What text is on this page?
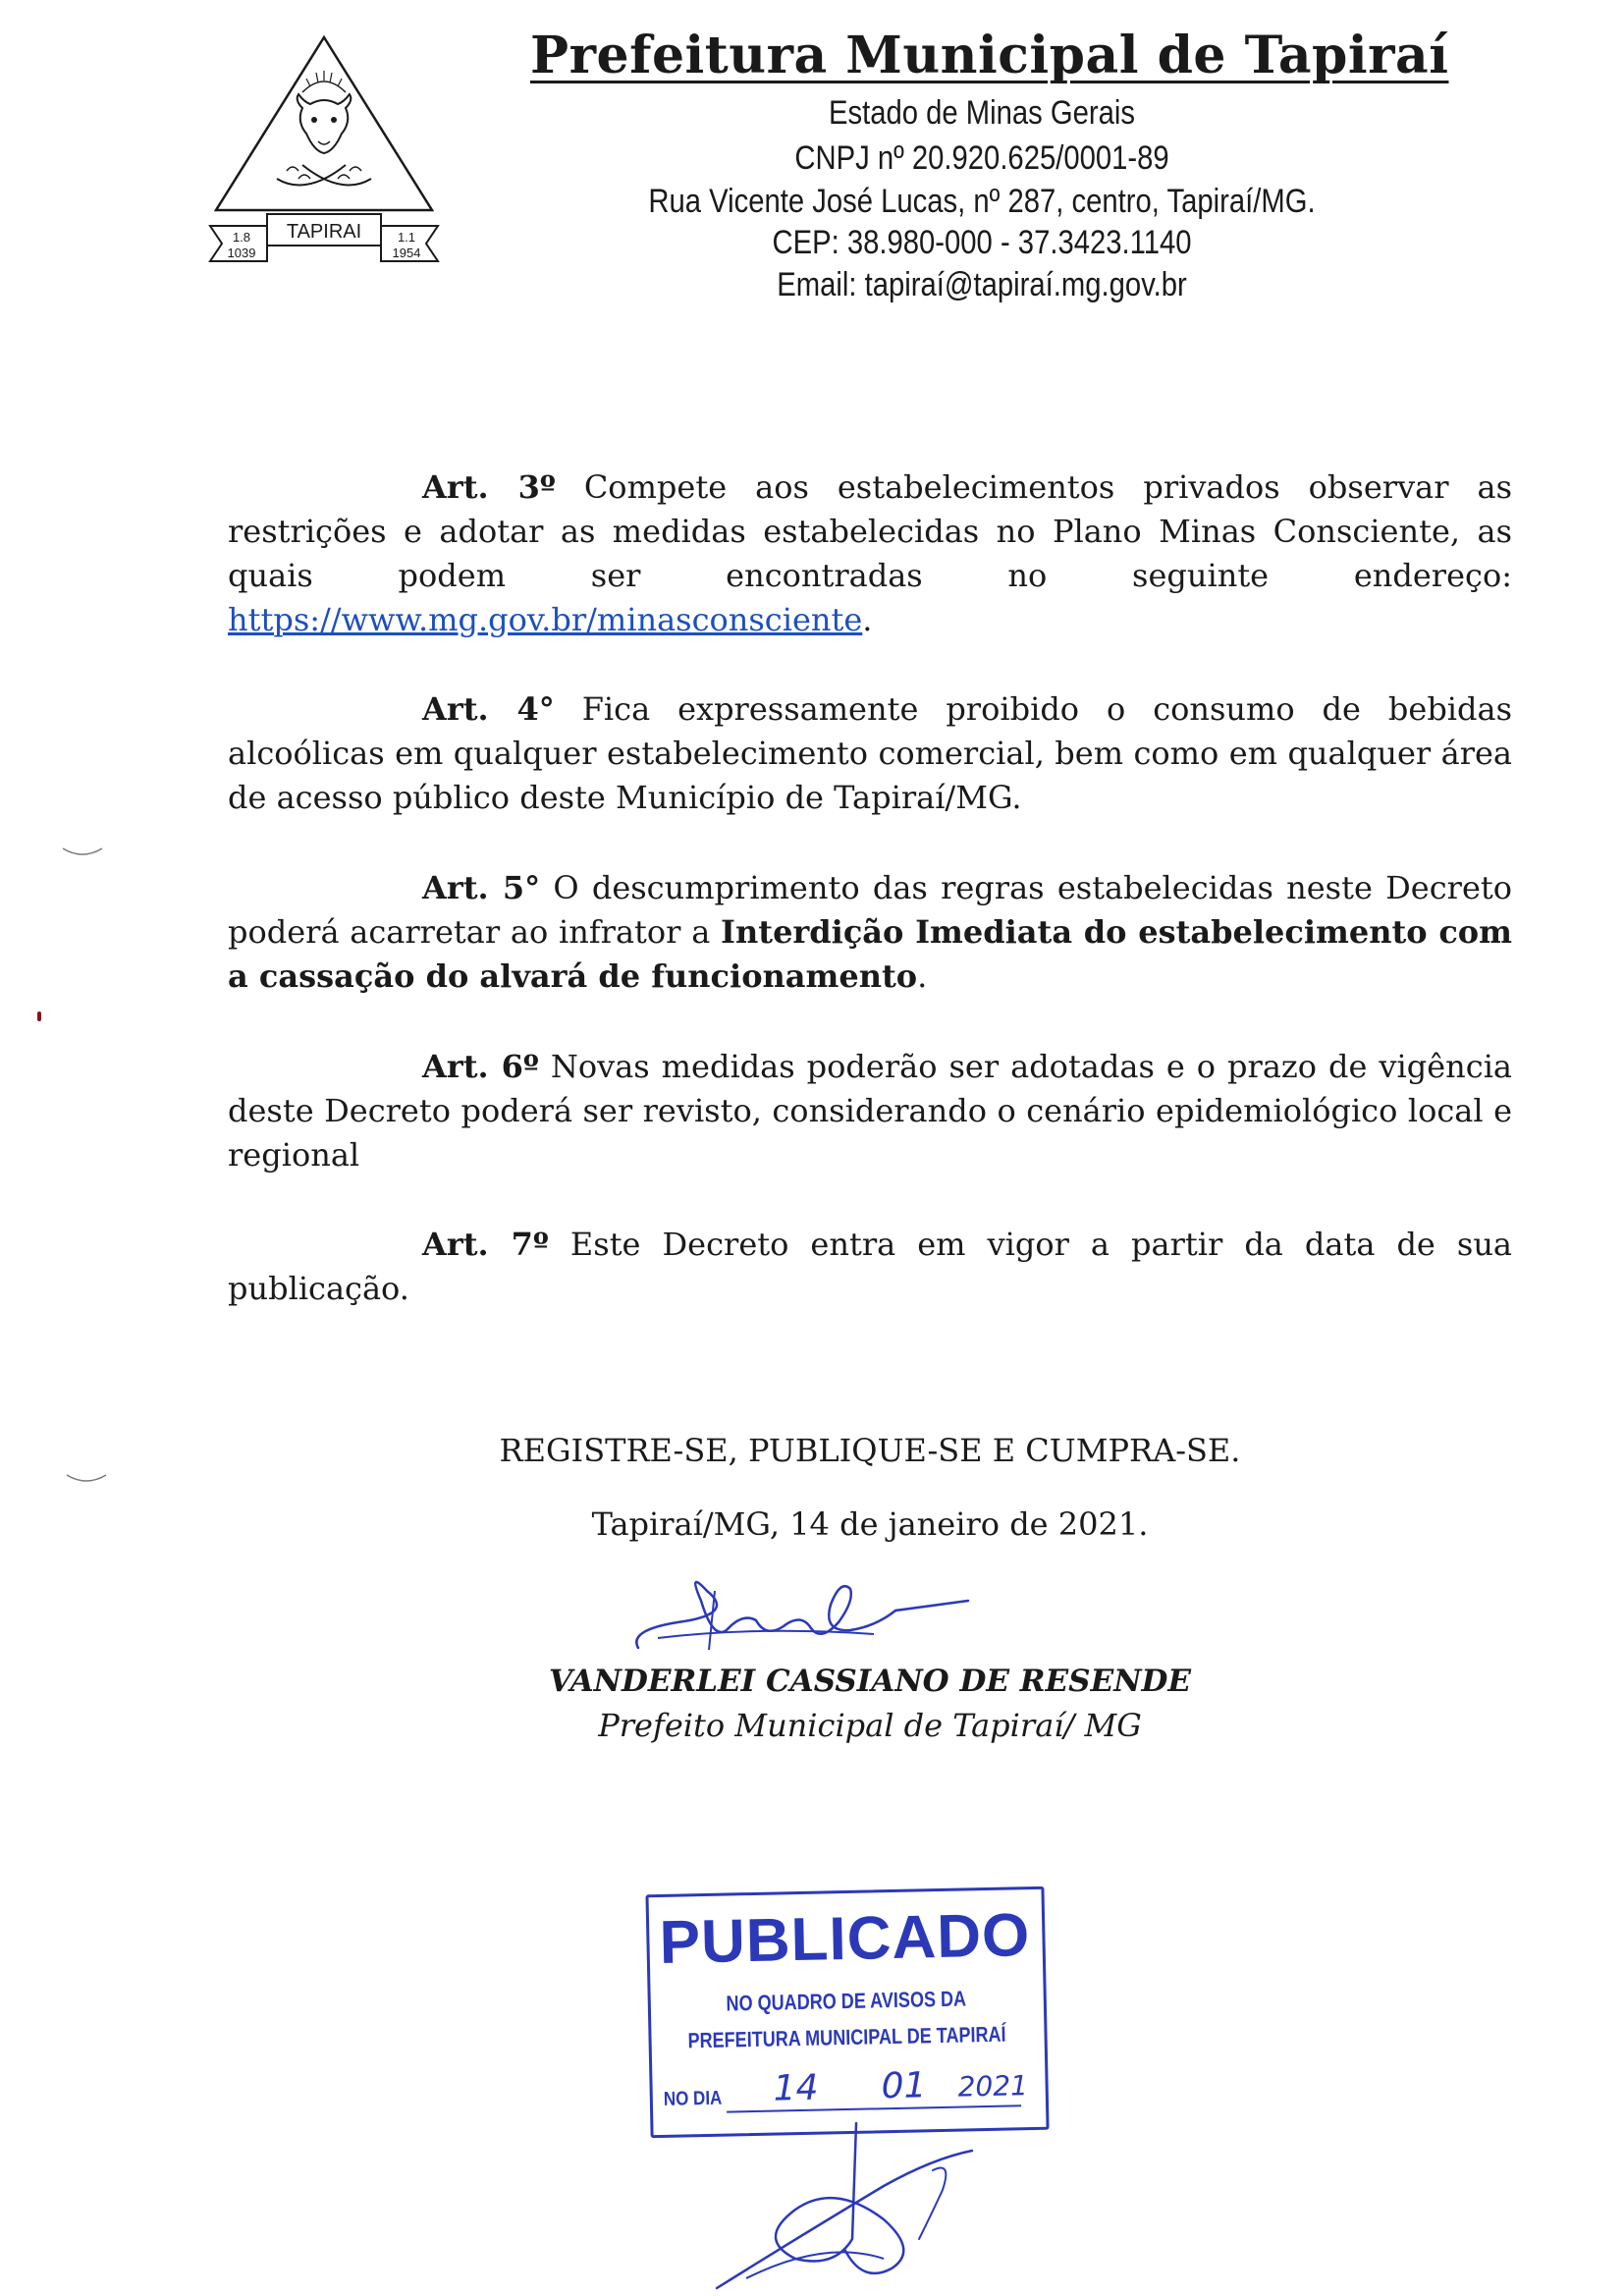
TAPIRAI
1.8
1039
1.1
1954
Prefeitura Municipal de Tapiraí
Estado de Minas Gerais
CNPJ nº 20.920.625/0001-89
Rua Vicente José Lucas, nº 287, centro, Tapiraí/MG.
CEP: 38.980-000 - 37.3423.1140
Email: tapiraí@tapiraí.mg.gov.br
Art. 3º Compete aos estabelecimentos privados observar as restrições e adotar as medidas estabelecidas no Plano Minas Consciente, as quais podem ser encontradas no seguinte endereço: https://www.mg.gov.br/minasconsciente.
Art. 4° Fica expressamente proibido o consumo de bebidas alcoólicas em qualquer estabelecimento comercial, bem como em qualquer área de acesso público deste Município de Tapiraí/MG.
Art. 5° O descumprimento das regras estabelecidas neste Decreto poderá acarretar ao infrator a Interdição Imediata do estabelecimento com a cassação do alvará de funcionamento.
Art. 6º Novas medidas poderão ser adotadas e o prazo de vigência deste Decreto poderá ser revisto, considerando o cenário epidemiológico local e regional
Art. 7º Este Decreto entra em vigor a partir da data de sua publicação.
REGISTRE-SE, PUBLIQUE-SE E CUMPRA-SE.
Tapiraí/MG, 14 de janeiro de 2021.
VANDERLEI CASSIANO DE RESENDE
Prefeito Municipal de Tapiraí/ MG
PUBLICADO
NO QUADRO DE AVISOS DA
PREFEITURA MUNICIPAL DE TAPIRAÍ
NO DIA 14 01 2021
